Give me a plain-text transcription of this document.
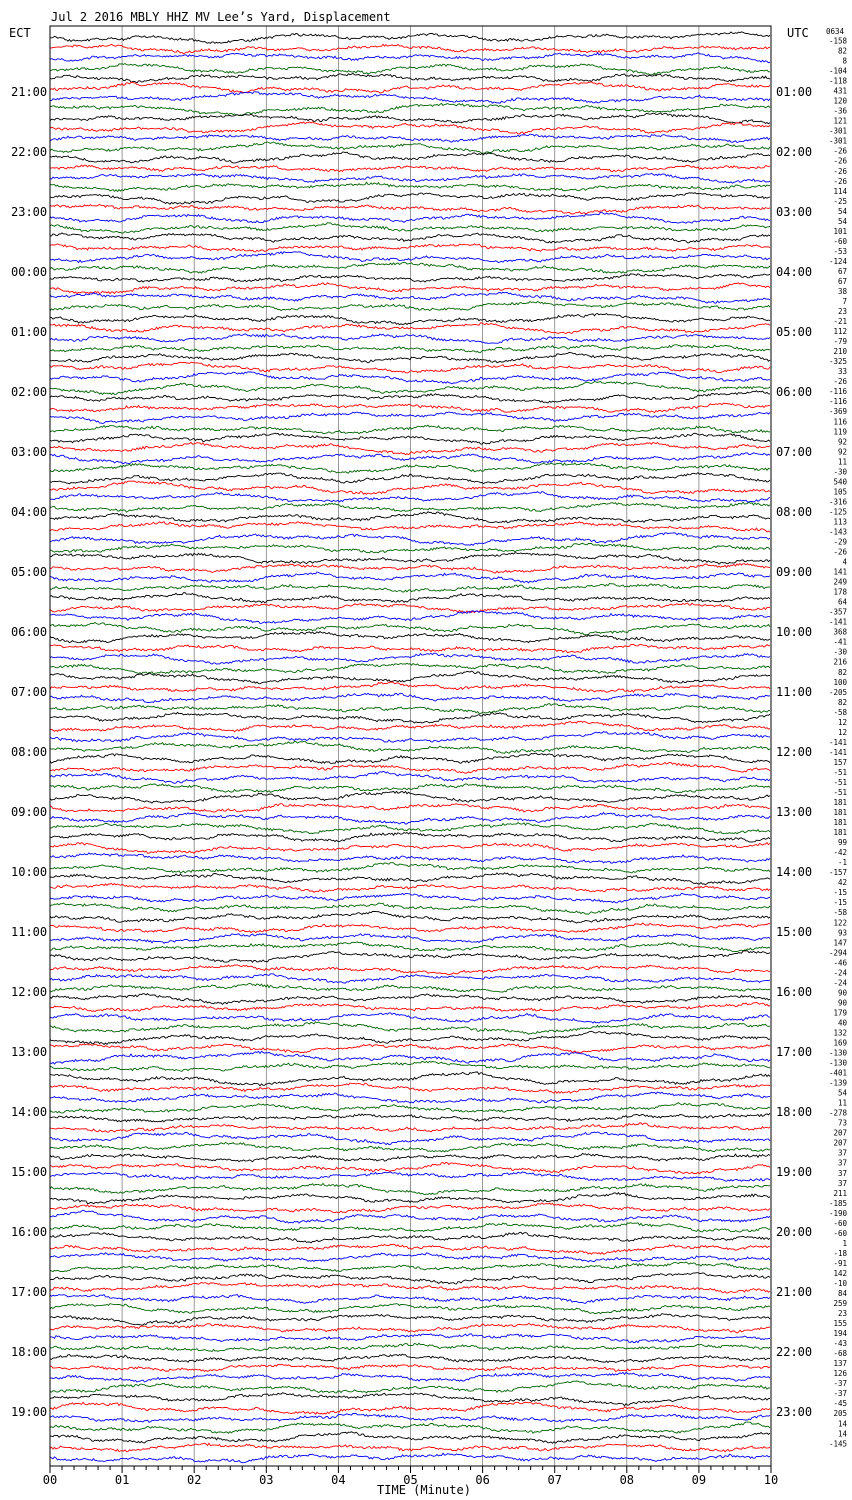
Jul 2 2016 MBLY HHZ MV Lee’s Yard, Displacement
ECT	UTC 0634
21:00
22:00
23:00
00:00
01:00
02:00
03:00
04:00
05:00
06:00
07:00
08:00
09:00
10:00
11:00
12:00
13:00
14:00
15:00
16:00
17:00
18:00
19:00
01:00
02:00
03:00
04:00
05:00
06:00
07:00
08:00
09:00
10:00
11:00
12:00
13:00
14:00
15:00
16:00
17:00
18:00
19:00
20:00
21:00
22:00
23:00
-158
82
8
-104
-118
431
120
-36
121
-301
-301
-26
-26
-26
-26
114
-25
54
54
101
-60
-53
-124
67
67
38
7
23
-21
112
-79
210
-325
33
-26
-116
-116
-369
116
119
92
92
11
-30
540
105
-316
-125
113
-143
-29
-26
4
141
249
178
64
-357
-141
368
-41
-30
216
82
100
-205
82
-58
12
12
-141
-141
157
-51
-51
-51
181
181
181
181
99
-42
-1
-157
42
-15
-15
-58
122
93
147
-294
-46
-24
-24
90
90
179
40
132
169
-130
-130
-401
-139
54
11
-278
73
207
207
37
37
37
37
211
-185
-190
-60
-60
1
-18
-91
142
-10
84
259
23
155
194
-43
-68
137
126
-37
-37
-45
205
14
14
-145
00	01	02	03	04	05	06	07	08	09	10
TIME (Minute)
